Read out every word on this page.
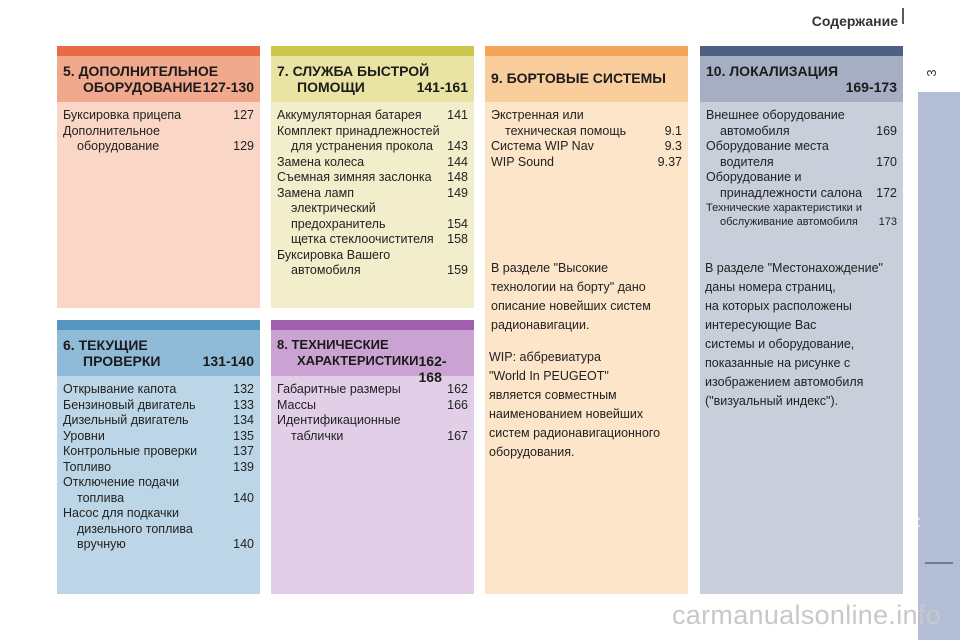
Содержание
3
СОДЕРЖАНИЕ
5. ДОПОЛНИТЕЛЬНОЕ
ОБОРУДОВАНИЕ 127-130
Буксировка прицепа	127
Дополнительное
оборудование	129
7. СЛУЖБА БЫСТРОЙ
ПОМОЩИ	141-161
Аккумуляторная батарея	141
Комплект принадлежностей
для устранения прокола	143
Замена колеса	144
Съемная зимняя заслонка	148
Замена ламп	149
электрический
предохранитель	154
щетка стеклоочистителя	158
Буксировка Вашего
автомобиля	159
9. БОРТОВЫЕ СИСТЕМЫ
Экстренная или
техническая помощь	9.1
Система WIP Nav	9.3
WIP Sound	9.37
В разделе "Высокие
технологии на борту" дано
описание новейших систем
радионавигации.
WIP: аббревиатура
"World In PEUGEOT"
является совместным
наименованием новейших
систем радионавигационного
оборудования.
10. ЛОКАЛИЗАЦИЯ
169-173
Внешнее оборудование
автомобиля	169
Оборудование места
водителя	170
Оборудование и
принадлежности салона	172
Технические характеристики и
обслуживание автомобиля	173
В разделе "Местонахождение"
даны номера страниц,
на которых расположены
интересующие Вас
системы и оборудование,
показанные на рисунке с
изображением автомобиля
("визуальный индекс").
6. ТЕКУЩИЕ
ПРОВЕРКИ	131-140
Открывание капота	132
Бензиновый двигатель	133
Дизельный двигатель	134
Уровни	135
Контрольные проверки	137
Топливо	139
Отключение подачи
топлива	140
Насос для подкачки
дизельного топлива
вручную	140
8. ТЕХНИЧЕСКИЕ
ХАРАКТЕРИСТИКИ 162-168
Габаритные размеры	162
Массы	166
Идентификационные
таблички	167
carmanualsonline.info
